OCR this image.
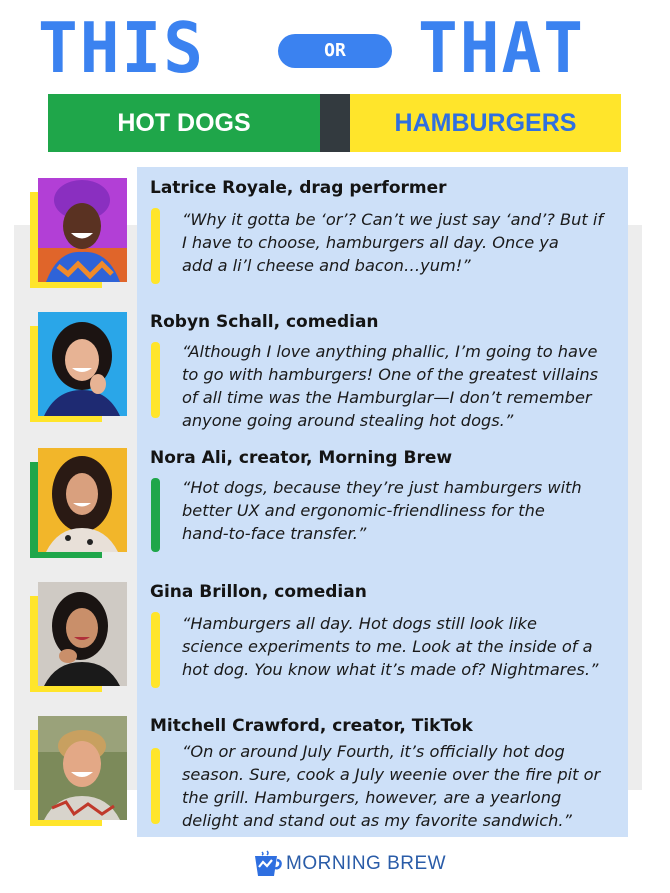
THIS	OR	THAT
HOT DOGS	HAMBURGERS
Latrice Royale, drag performer
“Why it gotta be ‘or’? Can’t we just say ‘and’? But if
I have to choose, hamburgers all day. Once ya
add a li’l cheese and bacon…yum!”
Robyn Schall, comedian
“Although I love anything phallic, I’m going to have
to go with hamburgers! One of the greatest villains
of all time was the Hamburglar—I don’t remember
anyone going around stealing hot dogs.”
Nora Ali, creator, Morning Brew
“Hot dogs, because they’re just hamburgers with
better UX and ergonomic-friendliness for the
hand-to-face transfer.”
Gina Brillon, comedian
“Hamburgers all day. Hot dogs still look like
science experiments to me. Look at the inside of a
hot dog. You know what it’s made of? Nightmares.”
Mitchell Crawford, creator, TikTok
“On or around July Fourth, it’s officially hot dog
season. Sure, cook a July weenie over the fire pit or
the grill. Hamburgers, however, are a yearlong
delight and stand out as my favorite sandwich.”
MORNING BREW
